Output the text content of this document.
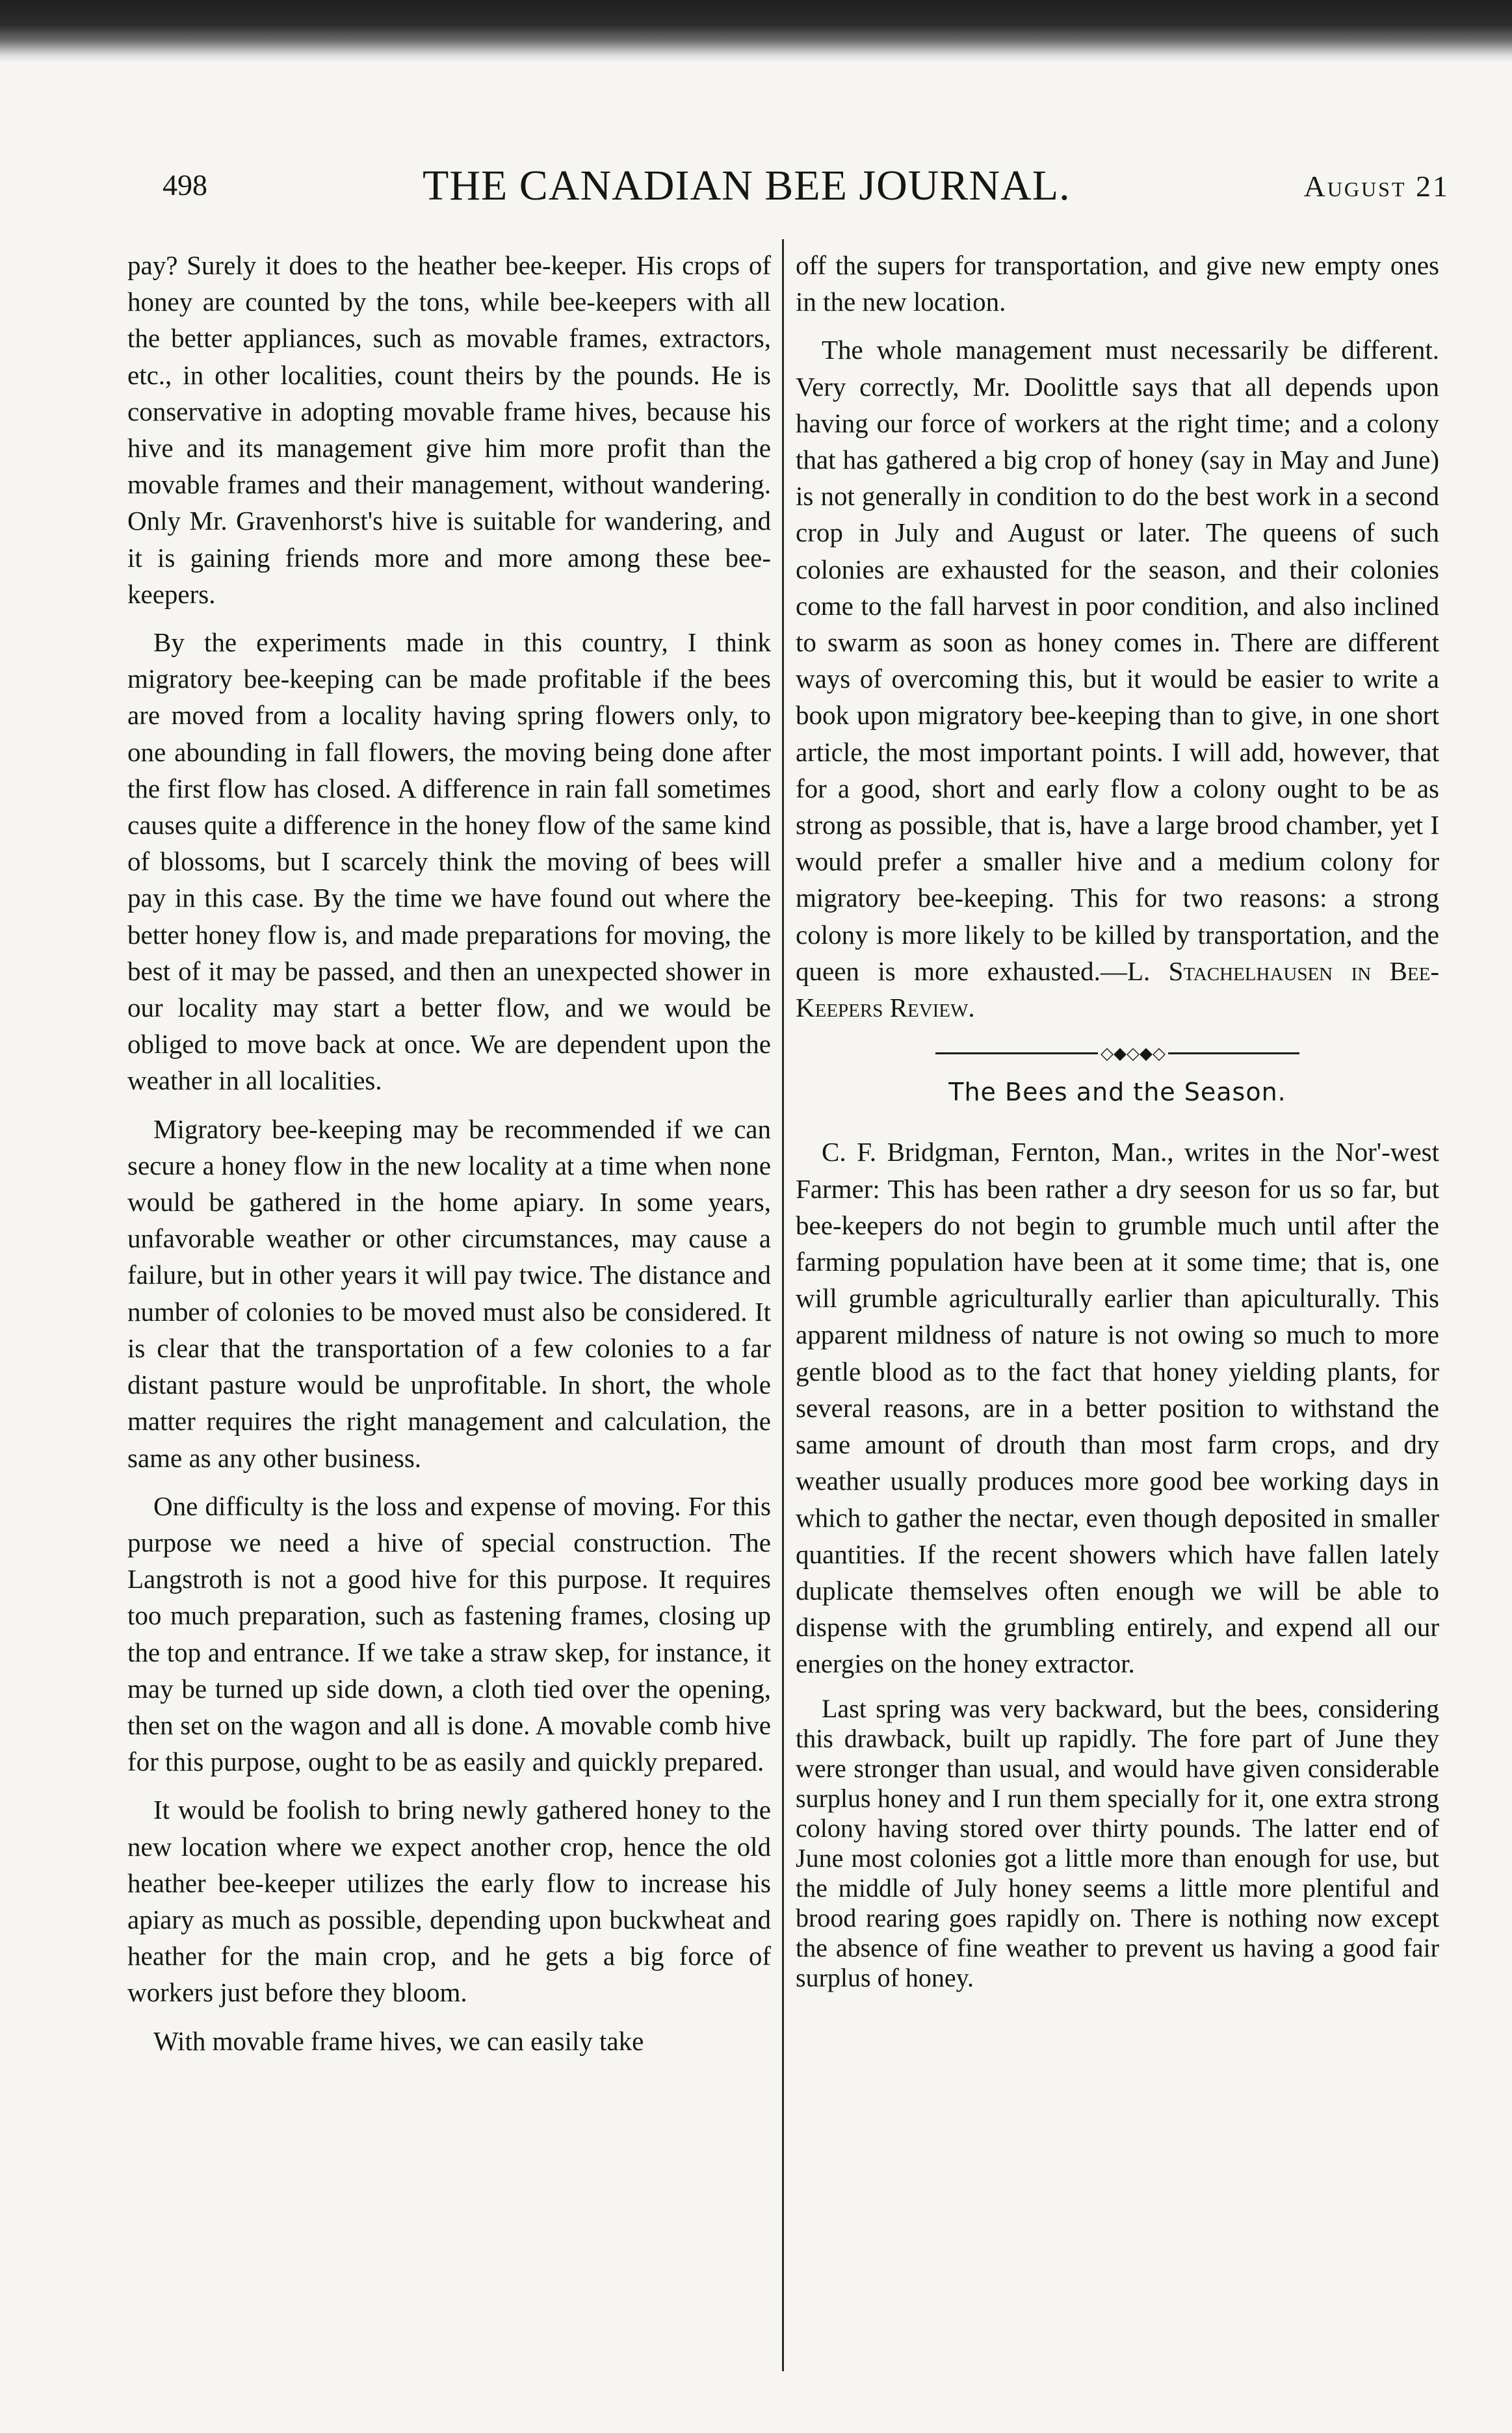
498	THE CANADIAN BEE JOURNAL.	August 21

pay? Surely it does to the heather bee-keeper. His crops of honey are counted by the tons, while bee-keepers with all the better appliances, such as movable frames, extractors, etc., in other localities, count theirs by the pounds. He is conservative in adopting movable frame hives, because his hive and its management give him more profit than the movable frames and their management, without wandering. Only Mr. Gravenhorst's hive is suitable for wandering, and it is gaining friends more and more among these bee-keepers.

By the experiments made in this country, I think migratory bee-keeping can be made profitable if the bees are moved from a locality having spring flowers only, to one abounding in fall flowers, the moving being done after the first flow has closed. A difference in rain fall sometimes causes quite a difference in the honey flow of the same kind of blossoms, but I scarcely think the moving of bees will pay in this case. By the time we have found out where the better honey flow is, and made preparations for moving, the best of it may be passed, and then an unexpected shower in our locality may start a better flow, and we would be obliged to move back at once. We are dependent upon the weather in all localities.

Migratory bee-keeping may be recommended if we can secure a honey flow in the new locality at a time when none would be gathered in the home apiary. In some years, unfavorable weather or other circumstances, may cause a failure, but in other years it will pay twice. The distance and number of colonies to be moved must also be considered. It is clear that the transportation of a few colonies to a far distant pasture would be unprofitable. In short, the whole matter requires the right management and calculation, the same as any other business.

One difficulty is the loss and expense of moving. For this purpose we need a hive of special construction. The Langstroth is not a good hive for this purpose. It requires too much preparation, such as fastening frames, closing up the top and entrance. If we take a straw skep, for instance, it may be turned up side down, a cloth tied over the opening, then set on the wagon and all is done. A movable comb hive for this purpose, ought to be as easily and quickly prepared.

It would be foolish to bring newly gathered honey to the new location where we expect another crop, hence the old heather bee-keeper utilizes the early flow to increase his apiary as much as possible, depending upon buckwheat and heather for the main crop, and he gets a big force of workers just before they bloom.

With movable frame hives, we can easily take

off the supers for transportation, and give new empty ones in the new location.

The whole management must necessarily be different. Very correctly, Mr. Doolittle says that all depends upon having our force of workers at the right time; and a colony that has gathered a big crop of honey (say in May and June) is not generally in condition to do the best work in a second crop in July and August or later. The queens of such colonies are exhausted for the season, and their colonies come to the fall harvest in poor condition, and also inclined to swarm as soon as honey comes in. There are different ways of overcoming this, but it would be easier to write a book upon migratory bee-keeping than to give, in one short article, the most important points. I will add, however, that for a good, short and early flow a colony ought to be as strong as possible, that is, have a large brood chamber, yet I would prefer a smaller hive and a medium colony for migratory bee-keeping. This for two reasons: a strong colony is more likely to be killed by transportation, and the queen is more exhausted.—L. Stachelhausen in Bee-Keepers Review.

◇◆◇◆◇
The Bees and the Season.

C. F. Bridgman, Fernton, Man., writes in the Nor'-west Farmer: This has been rather a dry seeson for us so far, but bee-keepers do not begin to grumble much until after the farming population have been at it some time; that is, one will grumble agriculturally earlier than apiculturally. This apparent mildness of nature is not owing so much to more gentle blood as to the fact that honey yielding plants, for several reasons, are in a better position to withstand the same amount of drouth than most farm crops, and dry weather usually produces more good bee working days in which to gather the nectar, even though deposited in smaller quantities. If the recent showers which have fallen lately duplicate themselves often enough we will be able to dispense with the grumbling entirely, and expend all our energies on the honey extractor.

Last spring was very backward, but the bees, considering this drawback, built up rapidly. The fore part of June they were stronger than usual, and would have given considerable surplus honey and I run them specially for it, one extra strong colony having stored over thirty pounds. The latter end of June most colonies got a little more than enough for use, but the middle of July honey seems a little more plentiful and brood rearing goes rapidly on. There is nothing now except the absence of fine weather to prevent us having a good fair surplus of honey.
